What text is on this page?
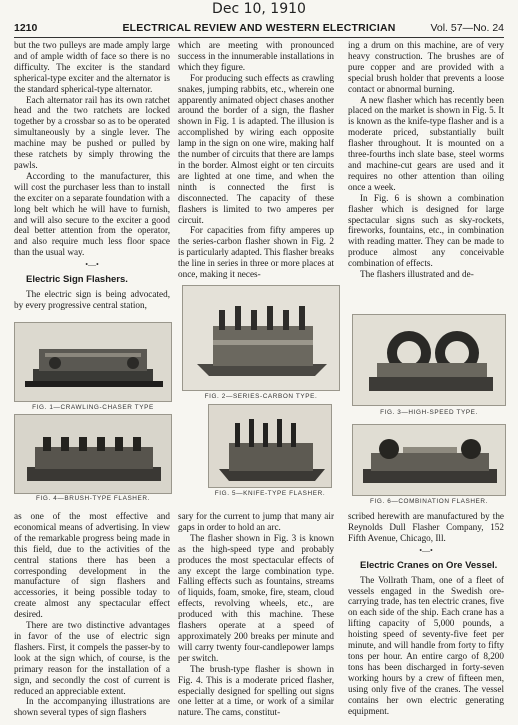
Dec 10, 1910
1210	ELECTRICAL REVIEW AND WESTERN ELECTRICIAN	Vol. 57—No. 24

but the two pulleys are made amply large and of ample width of face so there is no difficulty. The exciter is the standard spherical-type exciter and the alternator is the standard spherical-type alternator.

Each alternator rail has its own ratchet head and the two ratchets are locked together by a crossbar so as to be operated simultaneously by a single lever. The machine may be pushed or pulled by these ratchets by simply throwing the pawls.

According to the manufacturer, this will cost the purchaser less than to install the exciter on a separate foundation with a long belt which he will have to furnish, and will also secure to the exciter a good deal better attention from the operator, and also require much less floor space than the usual way.

•―•
Electric Sign Flashers.

The electric sign is being advocated, by every progressive central station,

which are meeting with pronounced success in the innumerable installations in which they figure.

For producing such effects as crawling snakes, jumping rabbits, etc., wherein one apparently animated object chases another around the border of a sign, the flasher shown in Fig. 1 is adapted. The illusion is accomplished by wiring each opposite lamp in the sign on one wire, making half the number of circuits that there are lamps in the border. Almost eight or ten circuits are lighted at one time, and when the ninth is connected the first is disconnected. The capacity of these flashers is limited to two amperes per circuit.

For capacities from fifty amperes up the series-carbon flasher shown in Fig. 2 is particularly adapted. This flasher breaks the line in series in three or more places at once, making it neces-

ing a drum on this machine, are of very heavy construction. The brushes are of pure copper and are provided with a special brush holder that prevents a loose contact or abnormal burning.

A new flasher which has recently been placed on the market is shown in Fig. 5. It is known as the knife-type flasher and is a moderate priced, substantially built flasher throughout. It is mounted on a three-fourths inch slate base, steel worms and machine-cut gears are used and it requires no other attention than oiling once a week.

In Fig. 6 is shown a combination flasher which is designed for large spectacular signs such as sky-rockets, fireworks, fountains, etc., in combination with reading matter. They can be made to produce almost any conceivable combination of effects.

The flashers illustrated and de-

FIG. 1—CRAWLING-CHASER TYPE
FIG. 2—SERIES-CARBON TYPE.
FIG. 3—HIGH-SPEED TYPE.
FIG. 4—BRUSH-TYPE FLASHER.
FIG. 5—KNIFE-TYPE FLASHER.
FIG. 6—COMBINATION FLASHER.

as one of the most effective and economical means of advertising. In view of the remarkable progress being made in this field, due to the activities of the central stations there has been a corresponding development in the manufacture of sign flashers and accessories, it being possible today to create almost any spectacular effect desired.

There are two distinctive advantages in favor of the use of electric sign flashers. First, it compels the passer-by to look at the sign which, of course, is the primary reason for the installation of a sign, and secondly the cost of current is reduced an appreciable extent.

In the accompanying illustrations are shown several types of sign flashers

sary for the current to jump that many air gaps in order to hold an arc.

The flasher shown in Fig. 3 is known as the high-speed type and probably produces the most spectacular effects of any except the large combination type. Falling effects such as fountains, streams of liquids, foam, smoke, fire, steam, cloud effects, revolving wheels, etc., are produced with this machine. These flashers operate at a speed of approximately 200 breaks per minute and will carry twenty four-candlepower lamps per switch.

The brush-type flasher is shown in Fig. 4. This is a moderate priced flasher, especially designed for spelling out signs one letter at a time, or work of a similar nature. The cams, constitut-

scribed herewith are manufactured by the Reynolds Dull Flasher Company, 152 Fifth Avenue, Chicago, Ill.

•―•
Electric Cranes on Ore Vessel.

The Vollrath Tham, one of a fleet of vessels engaged in the Swedish ore-carrying trade, has ten electric cranes, five on each side of the ship. Each crane has a lifting capacity of 5,000 pounds, a hoisting speed of seventy-five feet per minute, and will handle from forty to fifty tons per hour. An entire cargo of 8,200 tons has been discharged in forty-seven working hours by a crew of fifteen men, using only five of the cranes. The vessel contains her own electric generating equipment.
